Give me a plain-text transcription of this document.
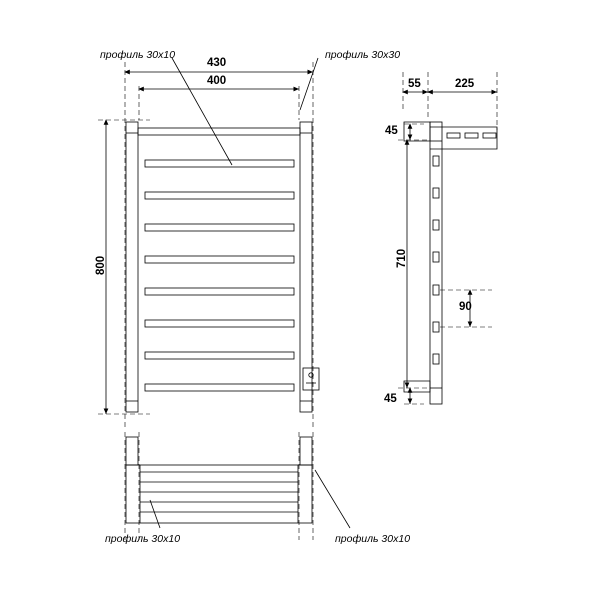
профиль 30х10	профиль 30х30
профиль 30х10	профиль 30х10
430
400
800
55	225
45
710
90
45
